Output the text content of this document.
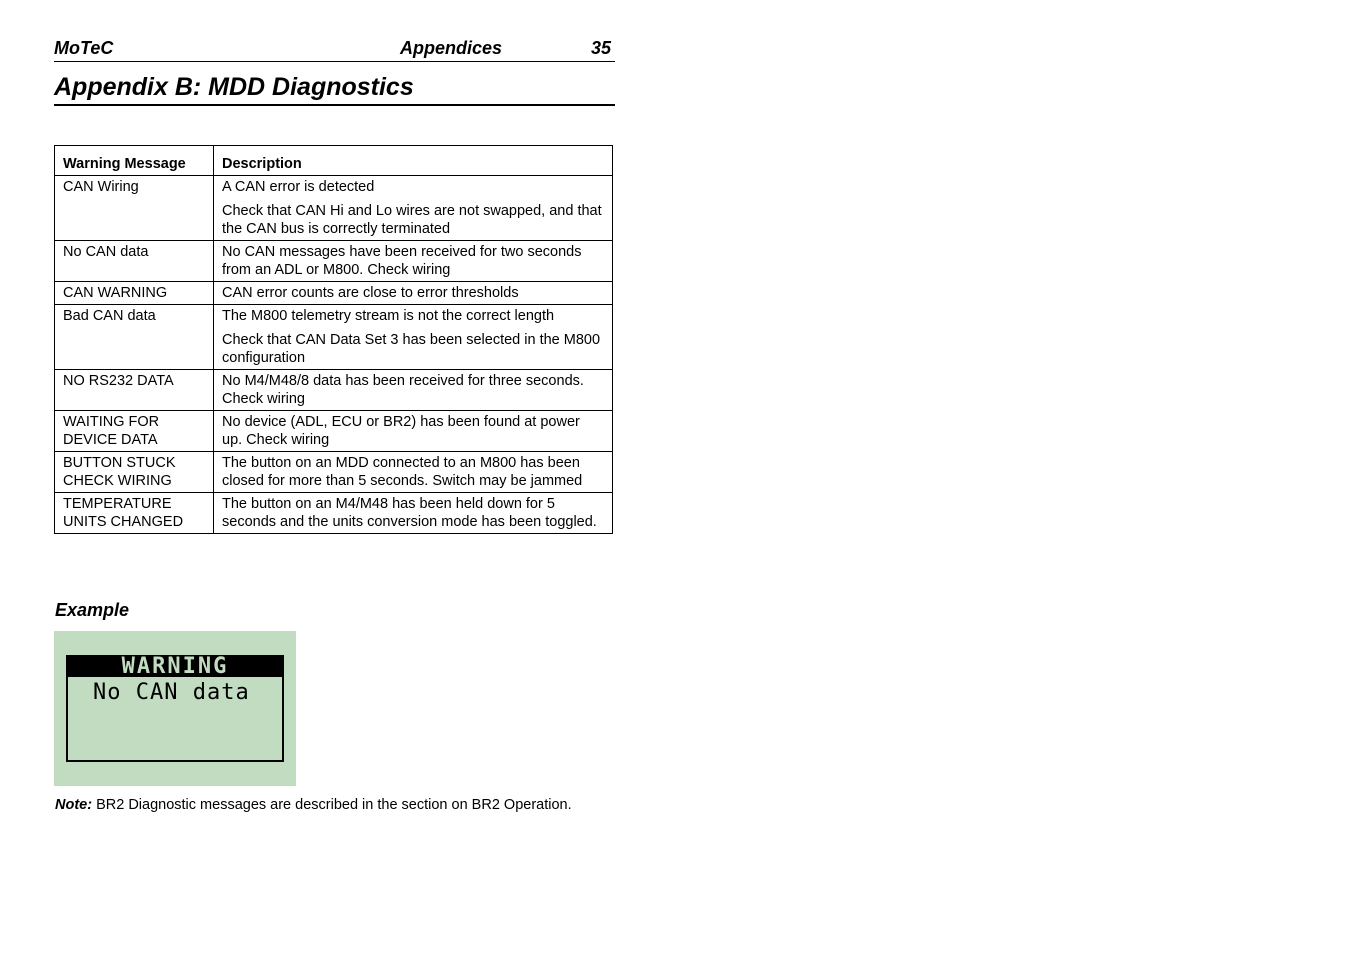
MoTeC	Appendices	35
Appendix B: MDD Diagnostics
Warning Message	Description
CAN Wiring	A CAN error is detected

Check that CAN Hi and Lo wires are not swapped, and that the CAN bus is correctly terminated

No CAN data	No CAN messages have been received for two seconds from an ADL or M800. Check wiring

CAN WARNING	CAN error counts are close to error thresholds

Bad CAN data	The M800 telemetry stream is not the correct length

Check that CAN Data Set 3 has been selected in the M800 configuration

NO RS232 DATA	No M4/M48/8 data has been received for three seconds. Check wiring

WAITING FOR DEVICE DATA	No device (ADL, ECU or BR2) has been found at power up. Check wiring

BUTTON STUCK CHECK WIRING	The button on an MDD connected to an M800 has been closed for more than 5 seconds. Switch may be jammed

TEMPERATURE UNITS CHANGED	The button on an M4/M48 has been held down for 5 seconds and the units conversion mode has been toggled.

Example
WARNING
No CAN data
Note: BR2 Diagnostic messages are described in the section on BR2 Operation.
